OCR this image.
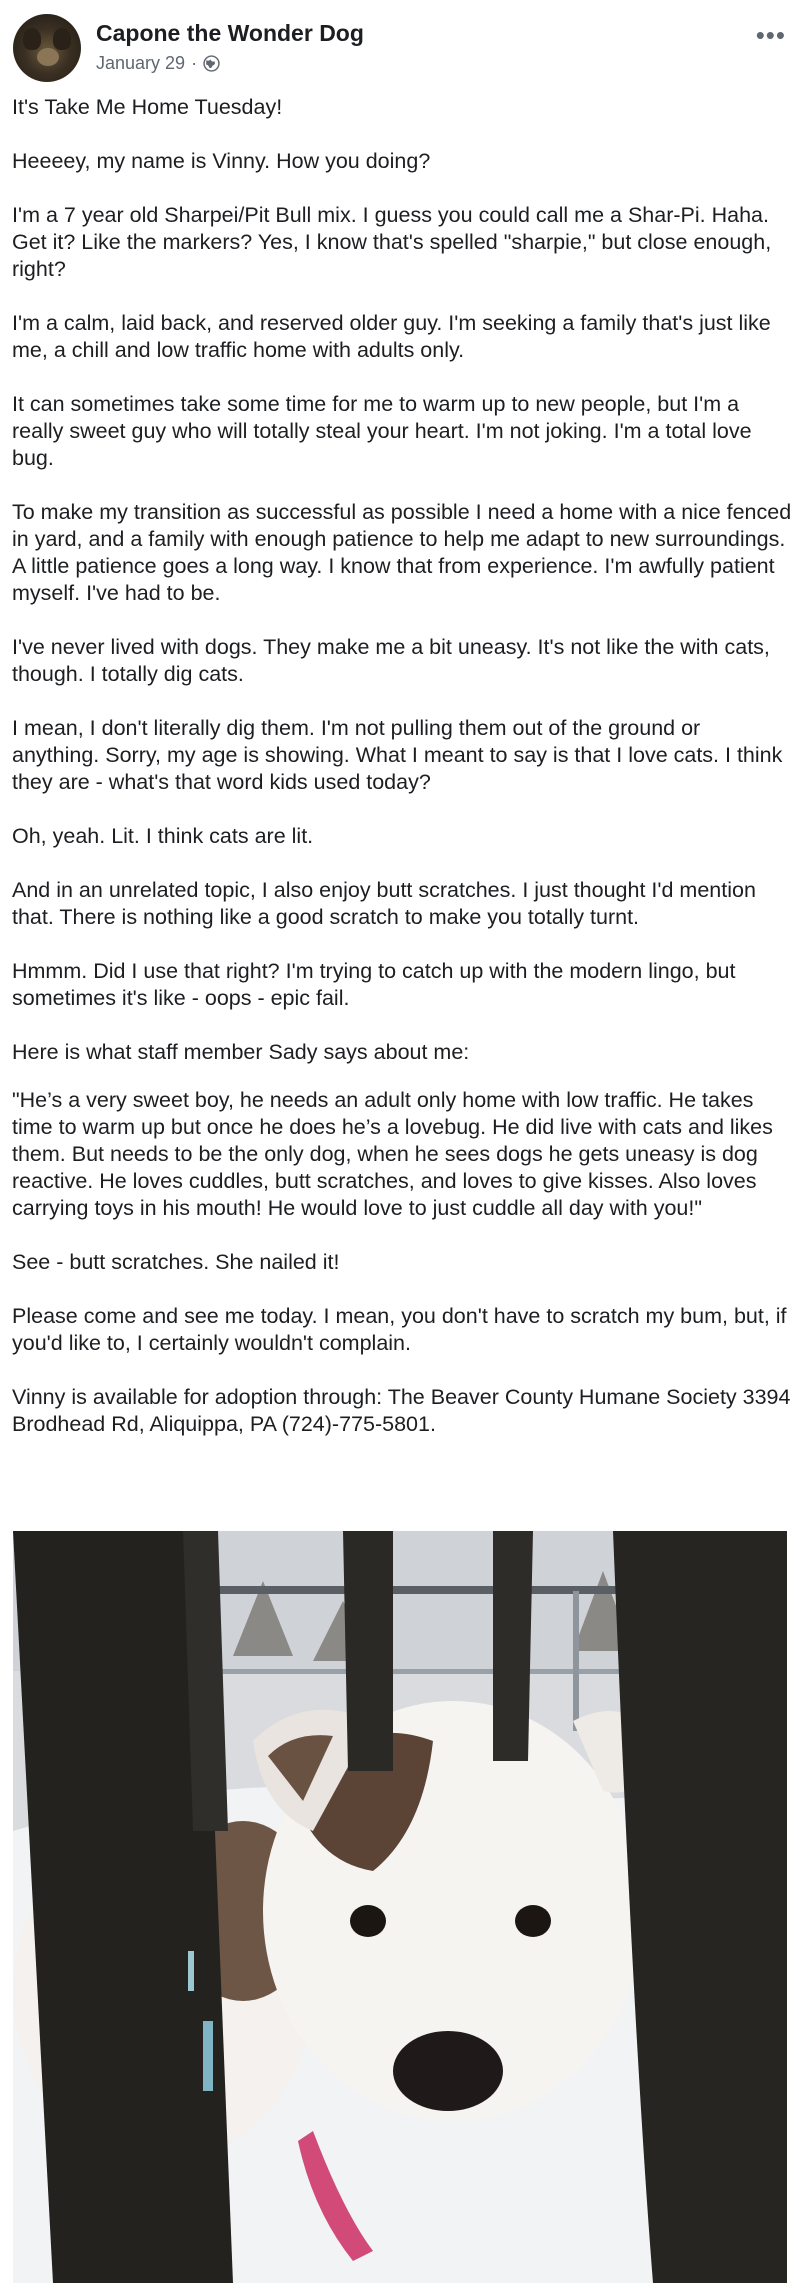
Capone the Wonder Dog
January 29 ·
•••

It's Take Me Home Tuesday!

Heeeey, my name is Vinny. How you doing?

I'm a 7 year old Sharpei/Pit Bull mix. I guess you could call me a Shar-Pi. Haha. Get it? Like the markers? Yes, I know that's spelled "sharpie," but close enough, right?

I'm a calm, laid back, and reserved older guy. I'm seeking a family that's just like me, a chill and low traffic home with adults only.

It can sometimes take some time for me to warm up to new people, but I'm a really sweet guy who will totally steal your heart. I'm not joking. I'm a total love bug.

To make my transition as successful as possible I need a home with a nice fenced in yard, and a family with enough patience to help me adapt to new surroundings. A little patience goes a long way. I know that from experience. I'm awfully patient myself. I've had to be.

I've never lived with dogs. They make me a bit uneasy. It's not like the with cats, though. I totally dig cats.

I mean, I don't literally dig them. I'm not pulling them out of the ground or anything. Sorry, my age is showing. What I meant to say is that I love cats. I think they are - what's that word kids used today?

Oh, yeah. Lit. I think cats are lit.

And in an unrelated topic, I also enjoy butt scratches. I just thought I'd mention that. There is nothing like a good scratch to make you totally turnt.

Hmmm. Did I use that right? I'm trying to catch up with the modern lingo, but sometimes it's like - oops - epic fail.

Here is what staff member Sady says about me:

"He’s a very sweet boy, he needs an adult only home with low traffic. He takes time to warm up but once he does he’s a lovebug. He did live with cats and likes them. But needs to be the only dog, when he sees dogs he gets uneasy is dog reactive. He loves cuddles, butt scratches, and loves to give kisses. Also loves carrying toys in his mouth! He would love to just cuddle all day with you!"

See - butt scratches. She nailed it!

Please come and see me today. I mean, you don't have to scratch my bum, but, if you'd like to, I certainly wouldn't complain.

Vinny is available for adoption through: The Beaver County Humane Society 3394 Brodhead Rd, Aliquippa, PA (724)-775-5801.
